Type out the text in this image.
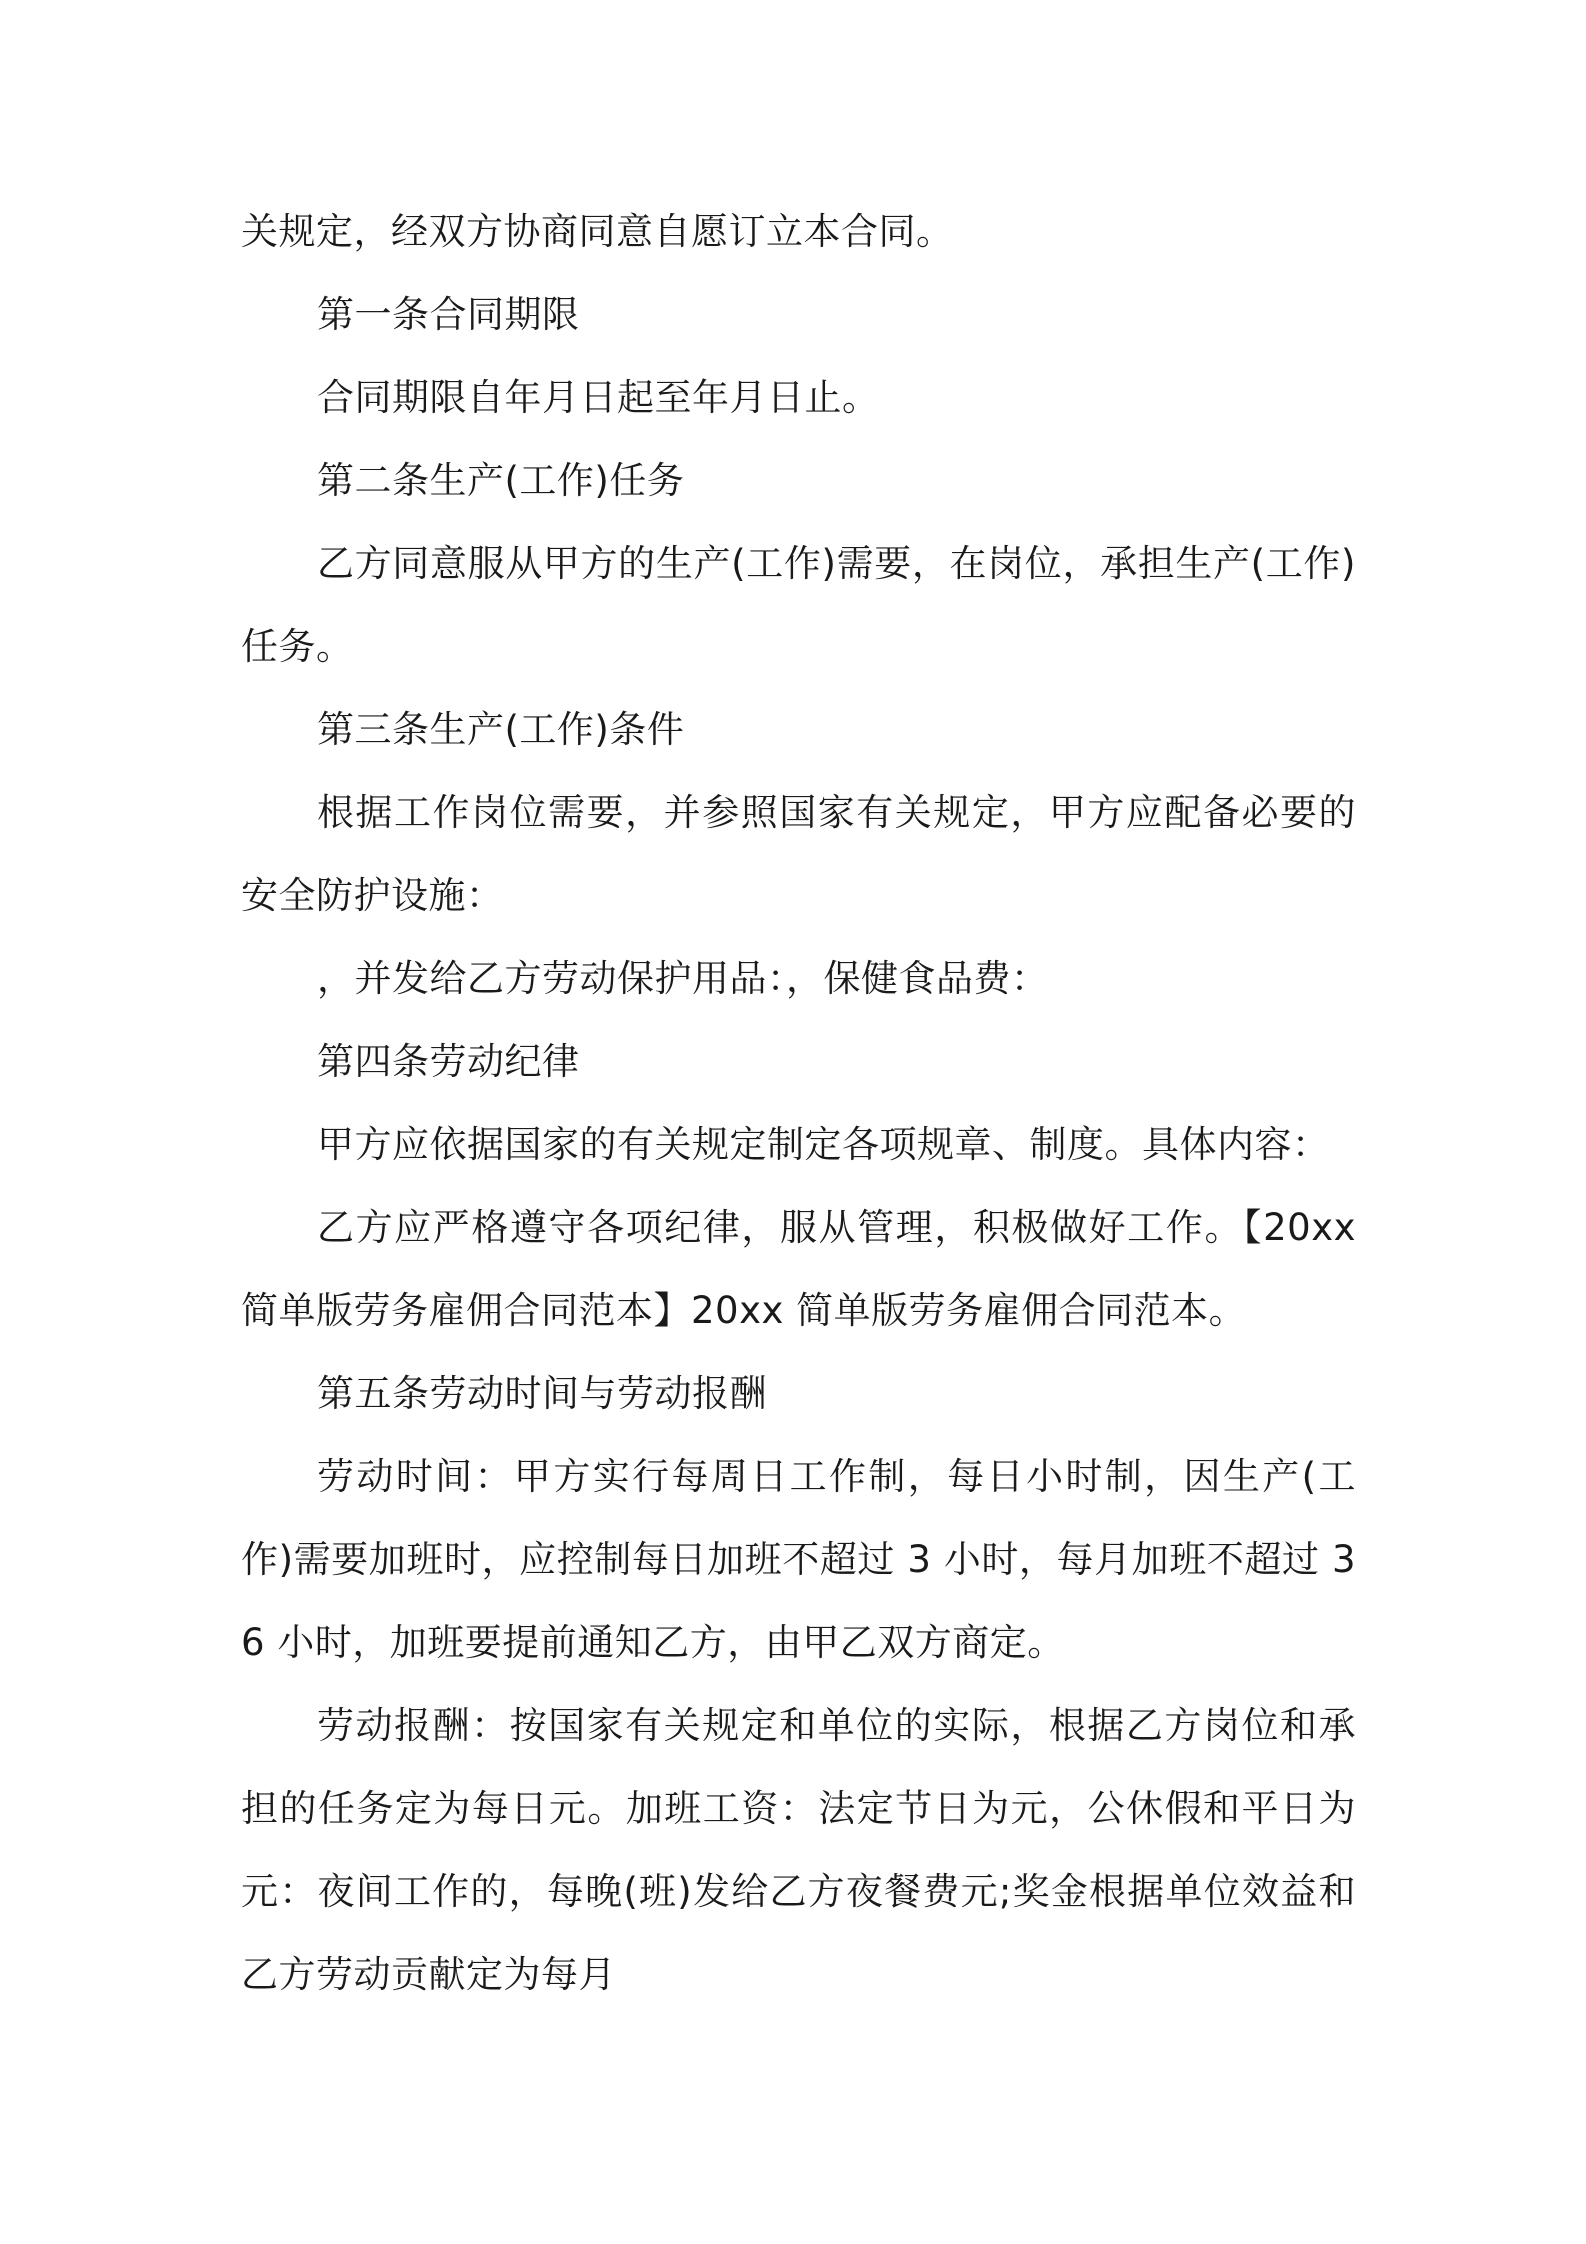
关规定，经双方协商同意自愿订立本合同。

第一条合同期限

合同期限自年月日起至年月日止。

第二条生产(工作)任务

乙方同意服从甲方的生产(工作)需要，在岗位，承担生产(工作)任务。

第三条生产(工作)条件

根据工作岗位需要，并参照国家有关规定，甲方应配备必要的安全防护设施：

，并发给乙方劳动保护用品：，保健食品费：

第四条劳动纪律

甲方应依据国家的有关规定制定各项规章、制度。具体内容：

乙方应严格遵守各项纪律，服从管理，积极做好工作。【20xx 简单版劳务雇佣合同范本】20xx 简单版劳务雇佣合同范本。

第五条劳动时间与劳动报酬

劳动时间：甲方实行每周日工作制，每日小时制，因生产(工作)需要加班时，应控制每日加班不超过 3 小时，每月加班不超过 36 小时，加班要提前通知乙方，由甲乙双方商定。

劳动报酬：按国家有关规定和单位的实际，根据乙方岗位和承担的任务定为每日元。加班工资：法定节日为元，公休假和平日为元：夜间工作的，每晚(班)发给乙方夜餐费元;奖金根据单位效益和乙方劳动贡献定为每月
